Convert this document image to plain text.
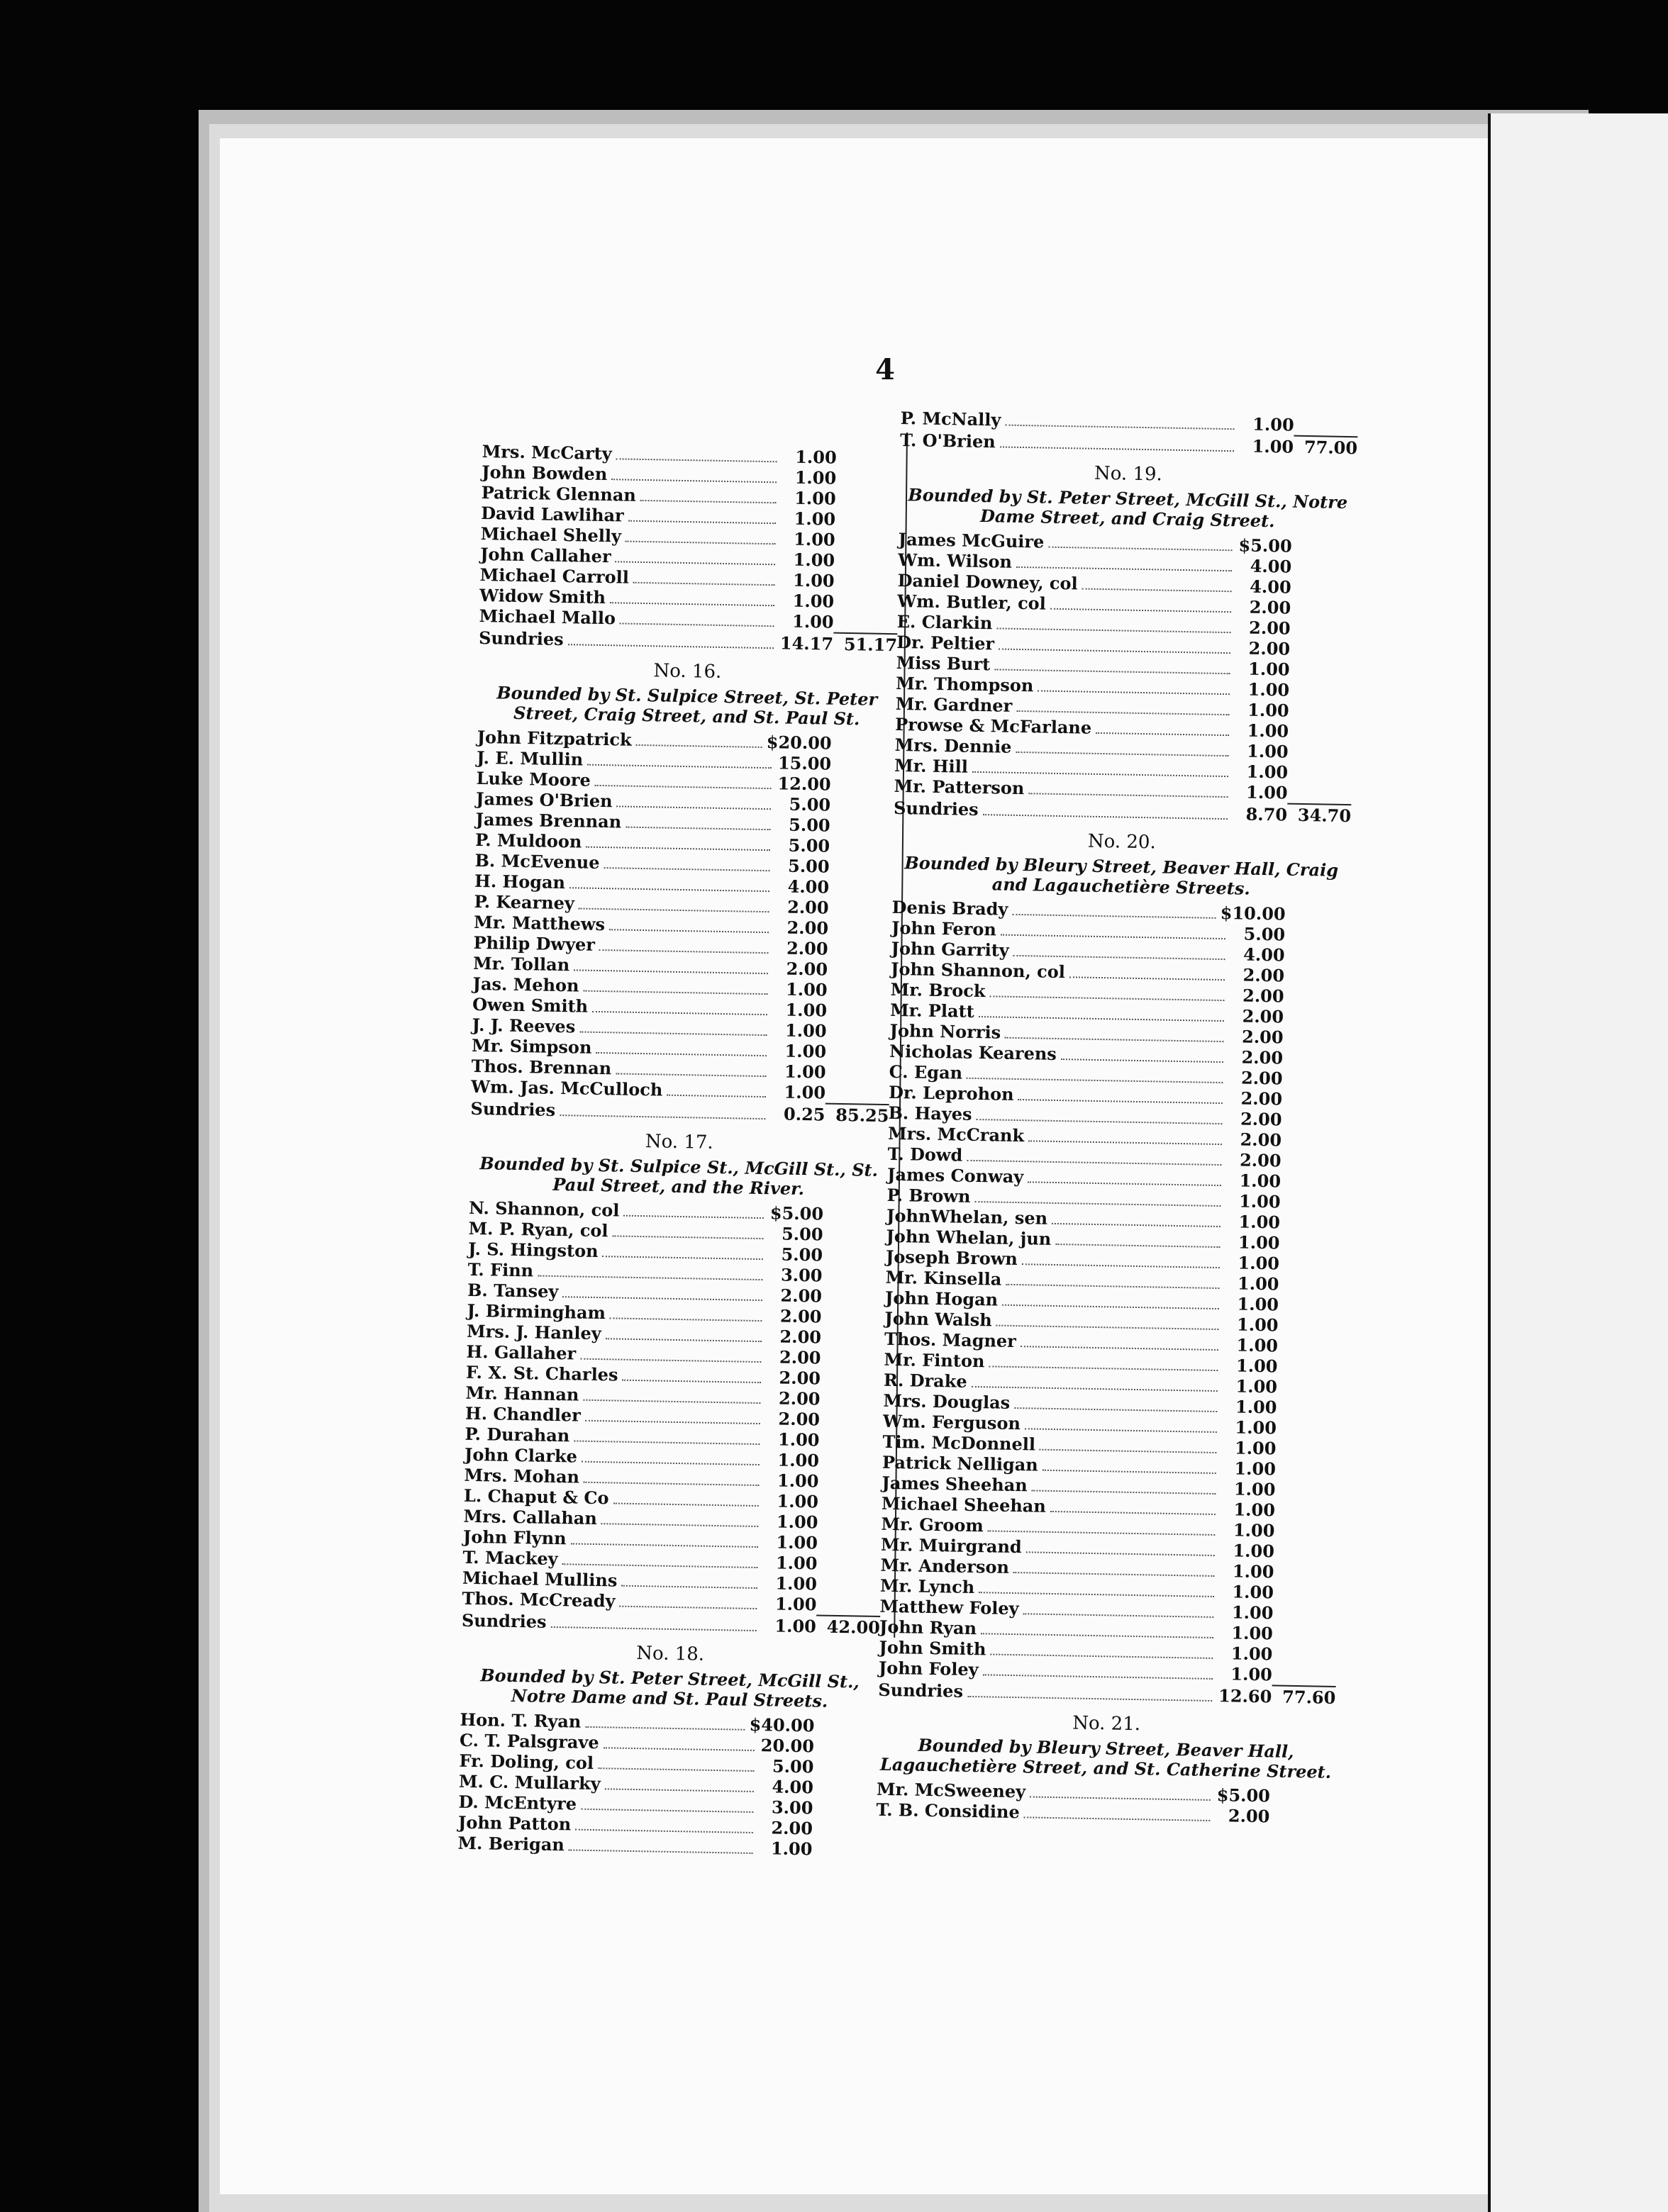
4
Mrs. McCarty	1.00
John Bowden	1.00
Patrick Glennan	1.00
David Lawlihar	1.00
Michael Shelly	1.00
John Callaher	1.00
Michael Carroll	1.00
Widow Smith	1.00
Michael Mallo	1.00
Sundries	14.17 51.17
No. 16.
Bounded by St. Sulpice Street, St. Peter Street, Craig Street, and St. Paul St.
John Fitzpatrick	$20.00
J. E. Mullin	15.00
Luke Moore	12.00
James O'Brien	5.00
James Brennan	5.00
P. Muldoon	5.00
B. McEvenue	5.00
H. Hogan	4.00
P. Kearney	2.00
Mr. Matthews	2.00
Philip Dwyer	2.00
Mr. Tollan	2.00
Jas. Mehon	1.00
Owen Smith	1.00
J. J. Reeves	1.00
Mr. Simpson	1.00
Thos. Brennan	1.00
Wm. Jas. McCulloch	1.00
Sundries	0.25 85.25
No. 17.
Bounded by St. Sulpice St., McGill St., St. Paul Street, and the River.
N. Shannon, col	$5.00
M. P. Ryan, col	5.00
J. S. Hingston	5.00
T. Finn	3.00
B. Tansey	2.00
J. Birmingham	2.00
Mrs. J. Hanley	2.00
H. Gallaher	2.00
F. X. St. Charles	2.00
Mr. Hannan	2.00
H. Chandler	2.00
P. Durahan	1.00
John Clarke	1.00
Mrs. Mohan	1.00
L. Chaput & Co	1.00
Mrs. Callahan	1.00
John Flynn	1.00
T. Mackey	1.00
Michael Mullins	1.00
Thos. McCready	1.00
Sundries	1.00 42.00
No. 18.
Bounded by St. Peter Street, McGill St., Notre Dame and St. Paul Streets.
Hon. T. Ryan	$40.00
C. T. Palsgrave	20.00
Fr. Doling, col	5.00
M. C. Mullarky	4.00
D. McEntyre	3.00
John Patton	2.00
M. Berigan	1.00
P. McNally	1.00
T. O'Brien	1.00 77.00
No. 19.
Bounded by St. Peter Street, McGill St., Notre Dame Street, and Craig Street.
James McGuire	$5.00
Wm. Wilson	4.00
Daniel Downey, col	4.00
Wm. Butler, col	2.00
E. Clarkin	2.00
Dr. Peltier	2.00
Miss Burt	1.00
Mr. Thompson	1.00
Mr. Gardner	1.00
Prowse & McFarlane	1.00
Mrs. Dennie	1.00
Mr. Hill	1.00
Mr. Patterson	1.00
Sundries	8.70 34.70
No. 20.
Bounded by Bleury Street, Beaver Hall, Craig and Lagauchetière Streets.
Denis Brady	$10.00
John Feron	5.00
John Garrity	4.00
John Shannon, col	2.00
Mr. Brock	2.00
Mr. Platt	2.00
John Norris	2.00
Nicholas Kearens	2.00
C. Egan	2.00
Dr. Leprohon	2.00
B. Hayes	2.00
Mrs. McCrank	2.00
T. Dowd	2.00
James Conway	1.00
P. Brown	1.00
JohnWhelan, sen	1.00
John Whelan, jun	1.00
Joseph Brown	1.00
Mr. Kinsella	1.00
John Hogan	1.00
John Walsh	1.00
Thos. Magner	1.00
Mr. Finton	1.00
R. Drake	1.00
Mrs. Douglas	1.00
Wm. Ferguson	1.00
Tim. McDonnell	1.00
Patrick Nelligan	1.00
James Sheehan	1.00
Michael Sheehan	1.00
Mr. Groom	1.00
Mr. Muirgrand	1.00
Mr. Anderson	1.00
Mr. Lynch	1.00
Matthew Foley	1.00
John Ryan	1.00
John Smith	1.00
John Foley	1.00
Sundries	12.60 77.60
No. 21.
Bounded by Bleury Street, Beaver Hall, Lagauchetière Street, and St. Catherine Street.
Mr. McSweeney	$5.00
T. B. Considine	2.00
